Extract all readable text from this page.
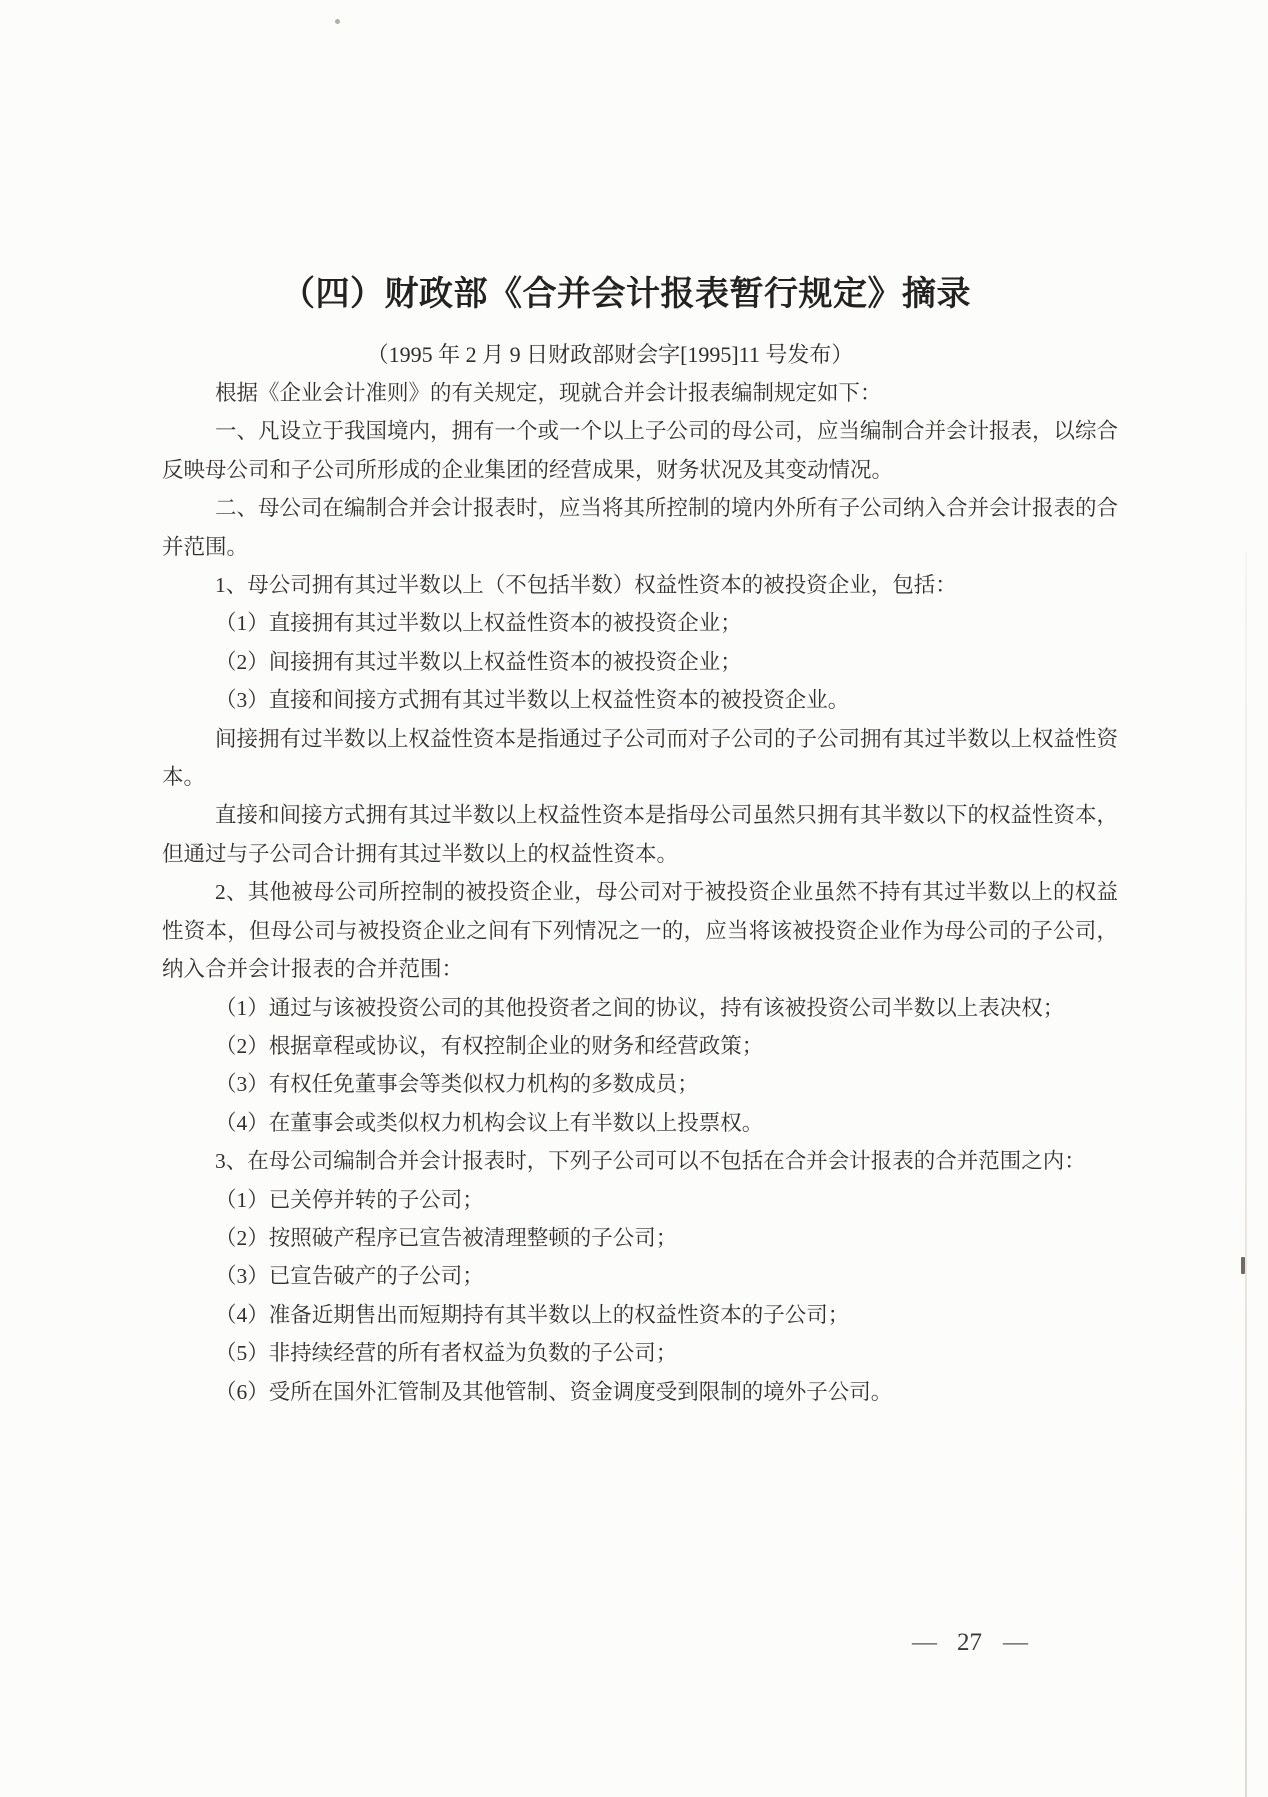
（四）财政部《合并会计报表暂行规定》摘录
（1995 年 2 月 9 日财政部财会字[1995]11 号发布）

根据《企业会计准则》的有关规定，现就合并会计报表编制规定如下：

一、凡设立于我国境内，拥有一个或一个以上子公司的母公司，应当编制合并会计报表，以综合反映母公司和子公司所形成的企业集团的经营成果，财务状况及其变动情况。

二、母公司在编制合并会计报表时，应当将其所控制的境内外所有子公司纳入合并会计报表的合并范围。

1、母公司拥有其过半数以上（不包括半数）权益性资本的被投资企业，包括：

（1）直接拥有其过半数以上权益性资本的被投资企业；

（2）间接拥有其过半数以上权益性资本的被投资企业；

（3）直接和间接方式拥有其过半数以上权益性资本的被投资企业。

间接拥有过半数以上权益性资本是指通过子公司而对子公司的子公司拥有其过半数以上权益性资本。

直接和间接方式拥有其过半数以上权益性资本是指母公司虽然只拥有其半数以下的权益性资本，但通过与子公司合计拥有其过半数以上的权益性资本。

2、其他被母公司所控制的被投资企业，母公司对于被投资企业虽然不持有其过半数以上的权益性资本，但母公司与被投资企业之间有下列情况之一的，应当将该被投资企业作为母公司的子公司，纳入合并会计报表的合并范围：

（1）通过与该被投资公司的其他投资者之间的协议，持有该被投资公司半数以上表决权；

（2）根据章程或协议，有权控制企业的财务和经营政策；

（3）有权任免董事会等类似权力机构的多数成员；

（4）在董事会或类似权力机构会议上有半数以上投票权。

3、在母公司编制合并会计报表时，下列子公司可以不包括在合并会计报表的合并范围之内：

（1）已关停并转的子公司；

（2）按照破产程序已宣告被清理整顿的子公司；

（3）已宣告破产的子公司；

（4）准备近期售出而短期持有其半数以上的权益性资本的子公司；

（5）非持续经营的所有者权益为负数的子公司；

（6）受所在国外汇管制及其他管制、资金调度受到限制的境外子公司。

— 27 —
